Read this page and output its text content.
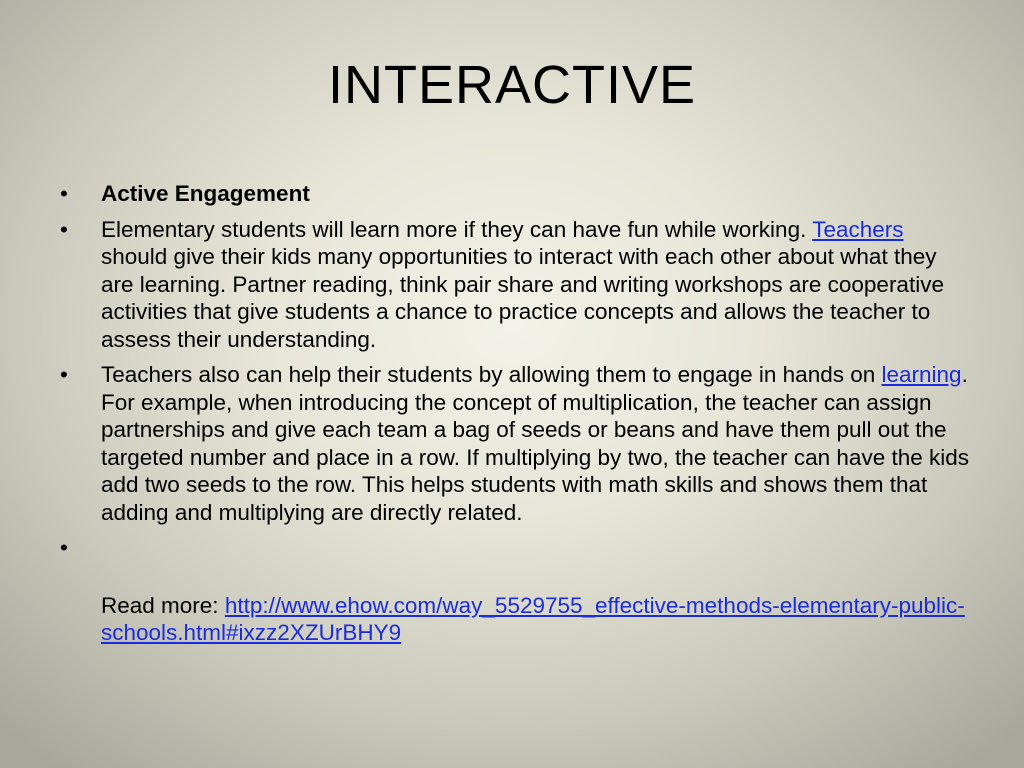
INTERACTIVE
•	Active Engagement
•	Elementary students will learn more if they can have fun while working. Teachers should give their kids many opportunities to interact with each other about what they are learning. Partner reading, think pair share and writing workshops are cooperative activities that give students a chance to practice concepts and allows the teacher to assess their understanding.
•	Teachers also can help their students by allowing them to engage in hands on learning. For example, when introducing the concept of multiplication, the teacher can assign partnerships and give each team a bag of seeds or beans and have them pull out the targeted number and place in a row. If multiplying by two, the teacher can have the kids add two seeds to the row. This helps students with math skills and shows them that adding and multiplying are directly related.
•

Read more: http://www.ehow.com/way_5529755_effective-methods-elementary-public-schools.html#ixzz2XZUrBHY9
